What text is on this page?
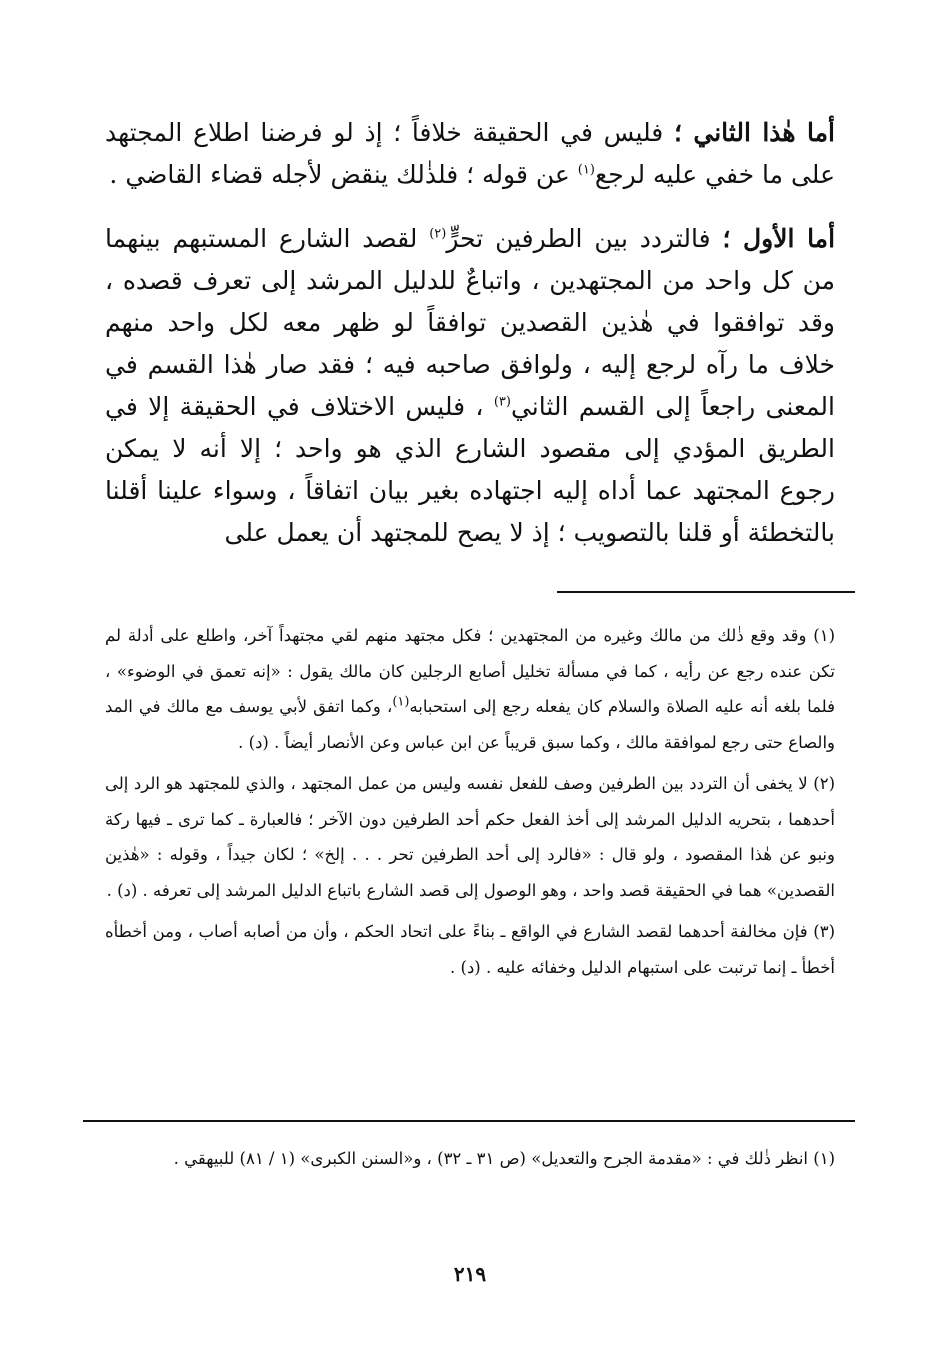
أما هٰذا الثاني ؛ فليس في الحقيقة خلافاً ؛ إذ لو فرضنا اطلاع المجتهد على ما خفي عليه لرجع$^{(١)}$ عن قوله ؛ فلذٰلك ينقض لأجله قضاء القاضي .

أما الأول ؛ فالتردد بين الطرفين تحرٍّ$^{(٢)}$ لقصد الشارع المستبهم بينهما من كل واحد من المجتهدين ، واتباعٌ للدليل المرشد إلى تعرف قصده ، وقد توافقوا في هٰذين القصدين توافقاً لو ظهر معه لكل واحد منهم خلاف ما رآه لرجع إليه ، ولوافق صاحبه فيه ؛ فقد صار هٰذا القسم في المعنى راجعاً إلى القسم الثاني$^{(٣)}$ ، فليس الاختلاف في الحقيقة إلا في الطريق المؤدي إلى مقصود الشارع الذي هو واحد ؛ إلا أنه لا يمكن رجوع المجتهد عما أداه إليه اجتهاده بغير بيان اتفاقاً ، وسواء علينا أقلنا بالتخطئة أو قلنا بالتصويب ؛ إذ لا يصح للمجتهد أن يعمل على

(١) وقد وقع ذٰلك من مالك وغيره من المجتهدين ؛ فكل مجتهد منهم لقي مجتهداً آخر، واطلع على أدلة لم تكن عنده رجع عن رأيه ، كما في مسألة تخليل أصابع الرجلين كان مالك يقول : «إنه تعمق في الوضوء» ، فلما بلغه أنه عليه الصلاة والسلام كان يفعله رجع إلى استحبابه$^{(١)}$، وكما اتفق لأبي يوسف مع مالك في المد والصاع حتى رجع لموافقة مالك ، وكما سبق قريباً عن ابن عباس وعن الأنصار أيضاً . (د) .

(٢) لا يخفى أن التردد بين الطرفين وصف للفعل نفسه وليس من عمل المجتهد ، والذي للمجتهد هو الرد إلى أحدهما ، بتحريه الدليل المرشد إلى أخذ الفعل حكم أحد الطرفين دون الآخر ؛ فالعبارة ـ كما ترى ـ فيها ركة ونبو عن هٰذا المقصود ، ولو قال : «فالرد إلى أحد الطرفين تحر . . . إلخ» ؛ لكان جيداً ، وقوله : «هٰذين القصدين» هما في الحقيقة قصد واحد ، وهو الوصول إلى قصد الشارع باتباع الدليل المرشد إلى تعرفه . (د) .

(٣) فإن مخالفة أحدهما لقصد الشارع في الواقع ـ بناءً على اتحاد الحكم ، وأن من أصابه أصاب ، ومن أخطأه أخطأ ـ إنما ترتبت على استبهام الدليل وخفائه عليه . (د) .

(١) انظر ذٰلك في : «مقدمة الجرح والتعديل» (ص ٣١ ـ ٣٢) ، و«السنن الكبرى» (١ / ٨١) للبيهقي .

٢١٩
